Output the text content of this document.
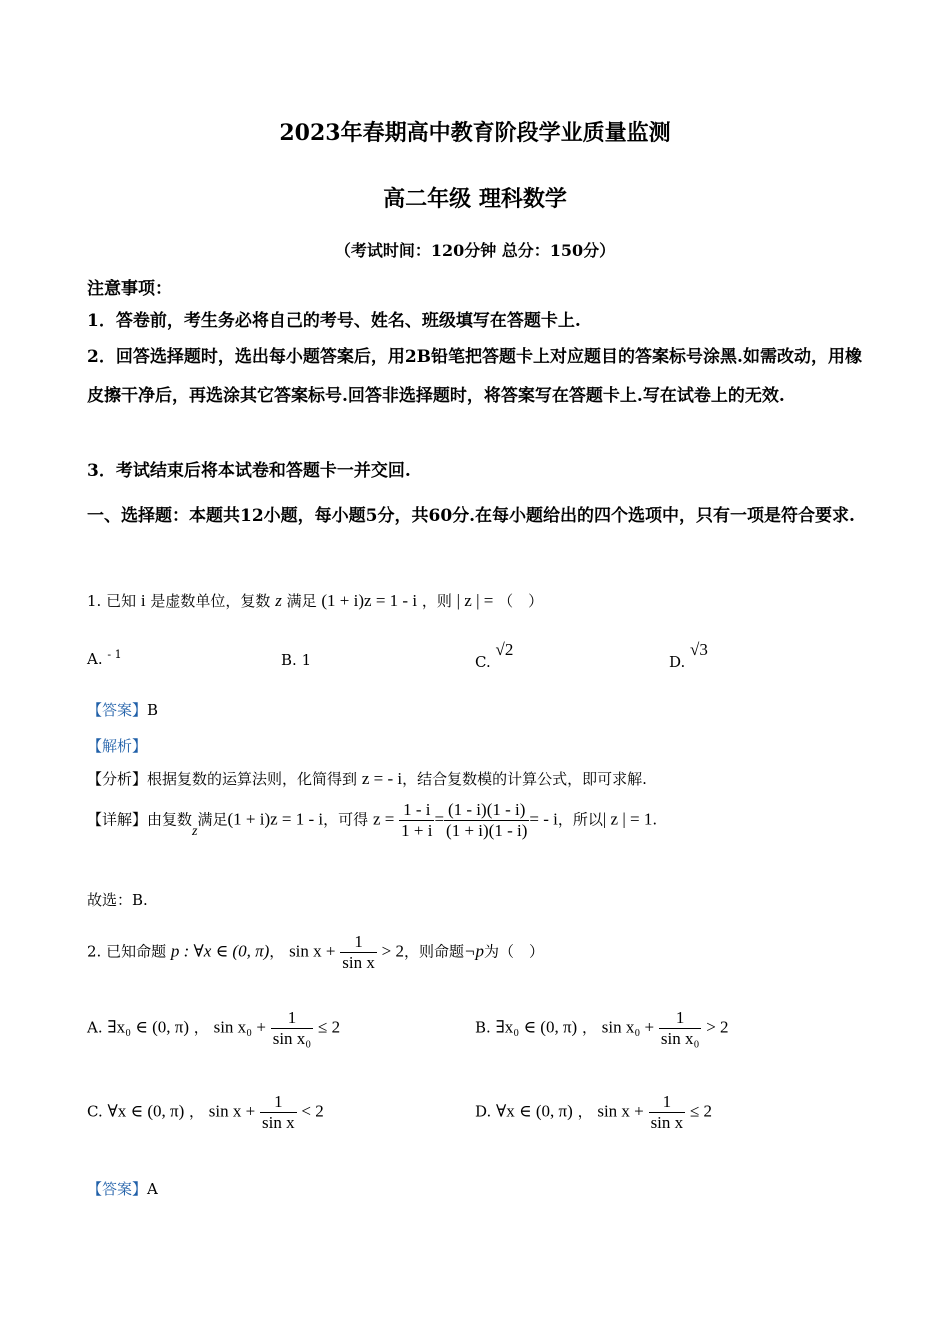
2023年春期高中教育阶段学业质量监测
高二年级 理科数学
（考试时间：120分钟 总分：150分）
注意事项：
1．答卷前，考生务必将自己的考号、姓名、班级填写在答题卡上.
2．回答选择题时，选出每小题答案后，用2B铅笔把答题卡上对应题目的答案标号涂黑.如需改动，用橡皮擦干净后，再选涂其它答案标号.回答非选择题时，将答案写在答题卡上.写在试卷上的无效.
3．考试结束后将本试卷和答题卡一并交回.
一、选择题：本题共12小题，每小题5分，共60分.在每小题给出的四个选项中，只有一项是符合要求.
1. 已知 i 是虚数单位，复数 z 满足 (1 + i)z = 1 - i ，则 | z | = （　）
A. $^{- 1}$	B. 1	C. √2
D. √3
【答案】B
【解析】
【分析】根据复数的运算法则，化简得到 z = - i，结合复数模的计算公式，即可求解.
【详解】由复数z满足(1 + i)z = 1 - i，可得 $z = \frac{1 - i}{1 + i} = \frac{(1 - i)(1 - i)}{(1 + i)(1 - i)}$ = - i，所以| z | = 1.
故选：B.
2. 已知命题 p : ∀x ∈ (0, π)， $\sin x + \frac{1}{\text{sin x}} > 2$，则命题¬p为（　）
A. ∃x₀ ∈ (0, π) ， $\sin x_0 + \frac{1}{\text{sin x₀}} \le 2$	B. ∃x₀ ∈ (0, π) ， $\sin x_0 + \frac{1}{\text{sin x₀}} > 2$
C. ∀x ∈ (0, π) ， $\sin x + \frac{1}{\text{sin x}} < 2$	D. ∀x ∈ (0, π) ， $\sin x + \frac{1}{\text{sin x}} \le 2$
【答案】A
